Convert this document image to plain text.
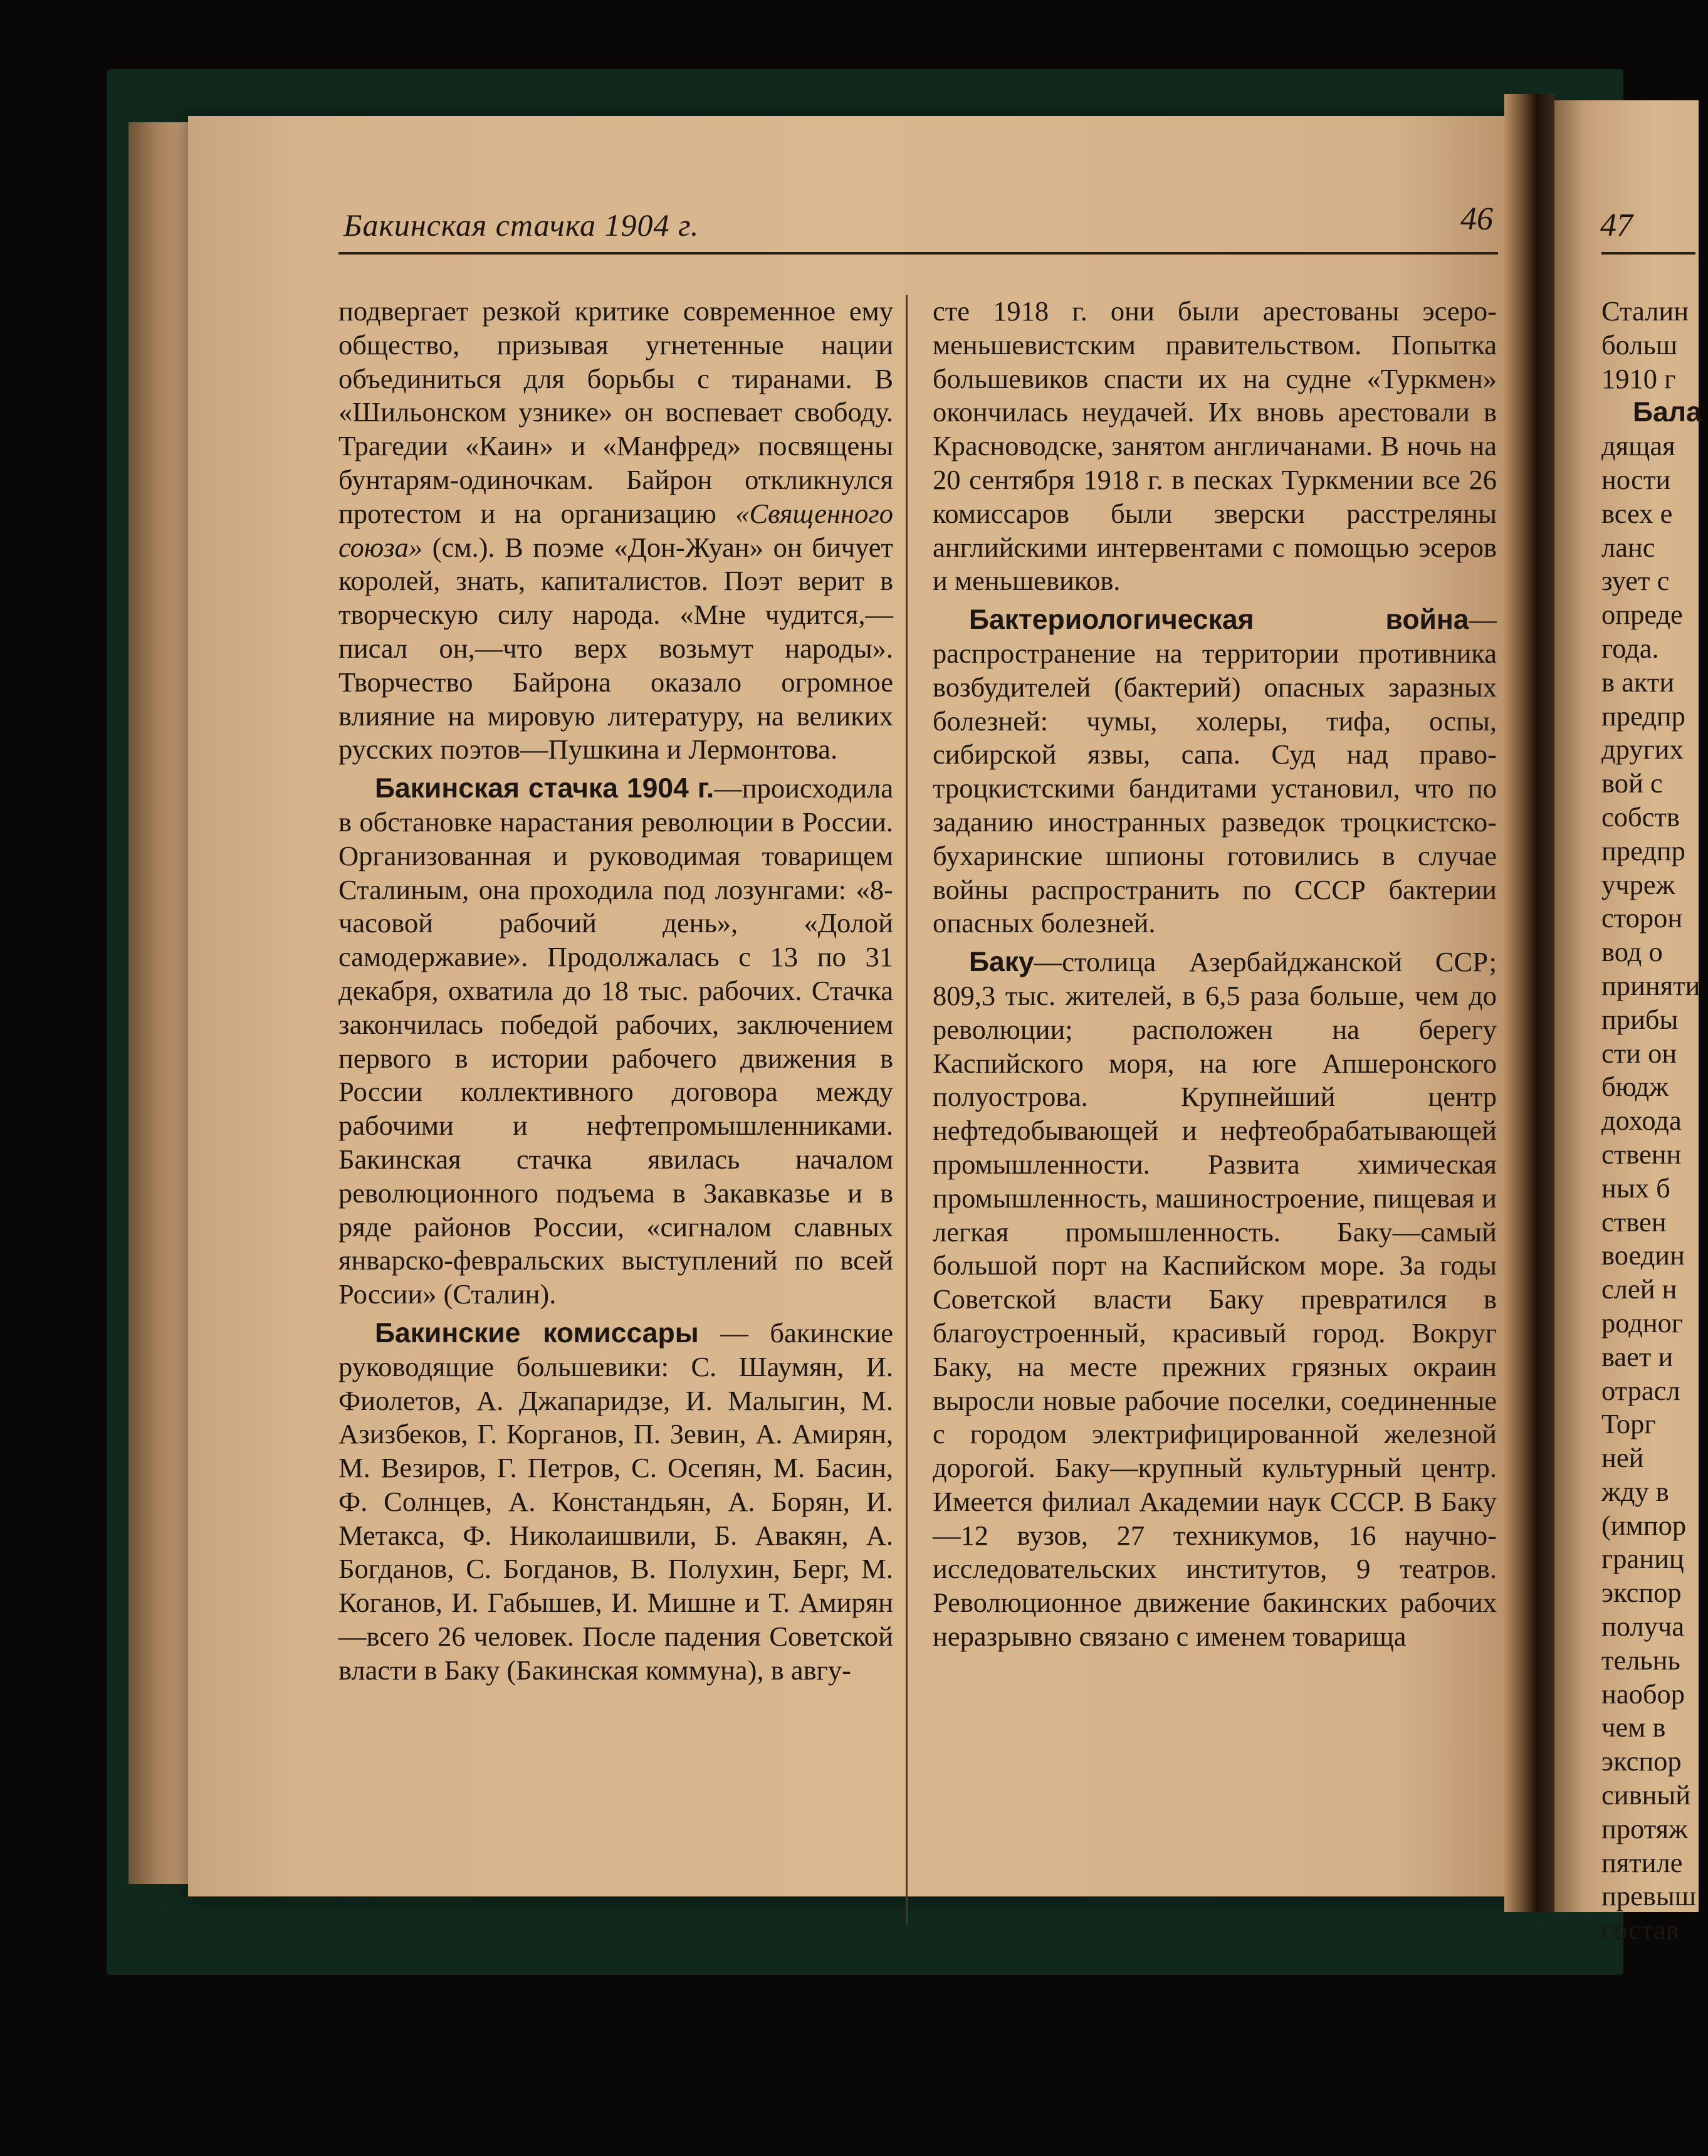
Бакинская стачка 1904 г.	46	47

подвергает резкой критике современное ему общество, призывая угнетенные нации объединиться для борьбы с тиранами. В «Шильонском узнике» он воспевает свободу. Трагедии «Каин» и «Манфред» посвящены бунтарям-одиночкам. Байрон откликнулся протестом и на организацию «Священного союза» (см.). В поэме «Дон-Жуан» он бичует королей, знать, капиталистов. Поэт верит в творческую силу народа. «Мне чудится,—писал он,—что верх возьмут народы». Творчество Байрона оказало огромное влияние на мировую литературу, на великих русских поэтов—Пушкина и Лермонтова.

Бакинская стачка 1904 г.—происходила в обстановке нарастания революции в России. Организованная и руководимая товарищем Сталиным, она проходила под лозунгами: «8-часовой рабочий день», «Долой самодержавие». Продолжалась с 13 по 31 декабря, охватила до 18 тыс. рабочих. Стачка закончилась победой рабочих, заключением первого в истории рабочего движения в России коллективного договора между рабочими и нефтепромышленниками. Бакинская стачка явилась началом революционного подъема в Закавказье и в ряде районов России, «сигналом славных январско-февральских выступлений по всей России» (Сталин).

Бакинские комиссары — бакинские руководящие большевики: С. Шаумян, И. Фиолетов, А. Джапаридзе, И. Малыгин, М. Азизбеков, Г. Корганов, П. Зевин, А. Амирян, М. Везиров, Г. Петров, С. Осепян, М. Басин, Ф. Солнцев, А. Констандьян, А. Борян, И. Метакса, Ф. Николаишвили, Б. Авакян, А. Богданов, С. Богданов, В. Полухин, Берг, М. Коганов, И. Габышев, И. Мишне и Т. Амирян—всего 26 человек. После падения Советской власти в Баку (Бакинская коммуна), в авгу-

сте 1918 г. они были арестованы эсеро-меньшевистским правительством. Попытка большевиков спасти их на судне «Туркмен» окончилась неудачей. Их вновь арестовали в Красноводске, занятом англичанами. В ночь на 20 сентября 1918 г. в песках Туркмении все 26 комиссаров были зверски расстреляны английскими интервентами с помощью эсеров и меньшевиков.

Бактериологическая война—распространение на территории противника возбудителей (бактерий) опасных заразных болезней: чумы, холеры, тифа, оспы, сибирской язвы, сапа. Суд над право-троцкистскими бандитами установил, что по заданию иностранных разведок троцкистско-бухаринские шпионы готовились в случае войны распространить по СССР бактерии опасных болезней.

Баку—столица Азербайджанской ССР; 809,3 тыс. жителей, в 6,5 раза больше, чем до революции; расположен на берегу Каспийского моря, на юге Апшеронского полуострова. Крупнейший центр нефтедобывающей и нефтеобрабатывающей промышленности. Развита химическая промышленность, машиностроение, пищевая и легкая промышленность. Баку—самый большой порт на Каспийском море. За годы Советской власти Баку превратился в благоустроенный, красивый город. Вокруг Баку, на месте прежних грязных окраин выросли новые рабочие поселки, соединенные с городом электрифицированной железной дорогой. Баку—крупный культурный центр. Имеется филиал Академии наук СССР. В Баку—12 вузов, 27 техникумов, 16 научно-исследовательских институтов, 9 театров. Революционное движение бакинских рабочих неразрывно связано с именем товарища

Сталин
больш
1910 г
Бала
дящая
ности
всех е
ланс
зует с
опреде
года.
в акти
предпр
других
вой с
собств
предпр
учреж
сторон
вод о
приняти
прибы
сти он
бюдж
дохода
ственн
ных б
ствен
воедин
слей н
родног
вает и
отрасл
Торг
ней
жду в
(импор
границ
экспор
получа
тельнь
наобор
чем в
экспор
сивный
протяж
пятиле
превыш
состав
